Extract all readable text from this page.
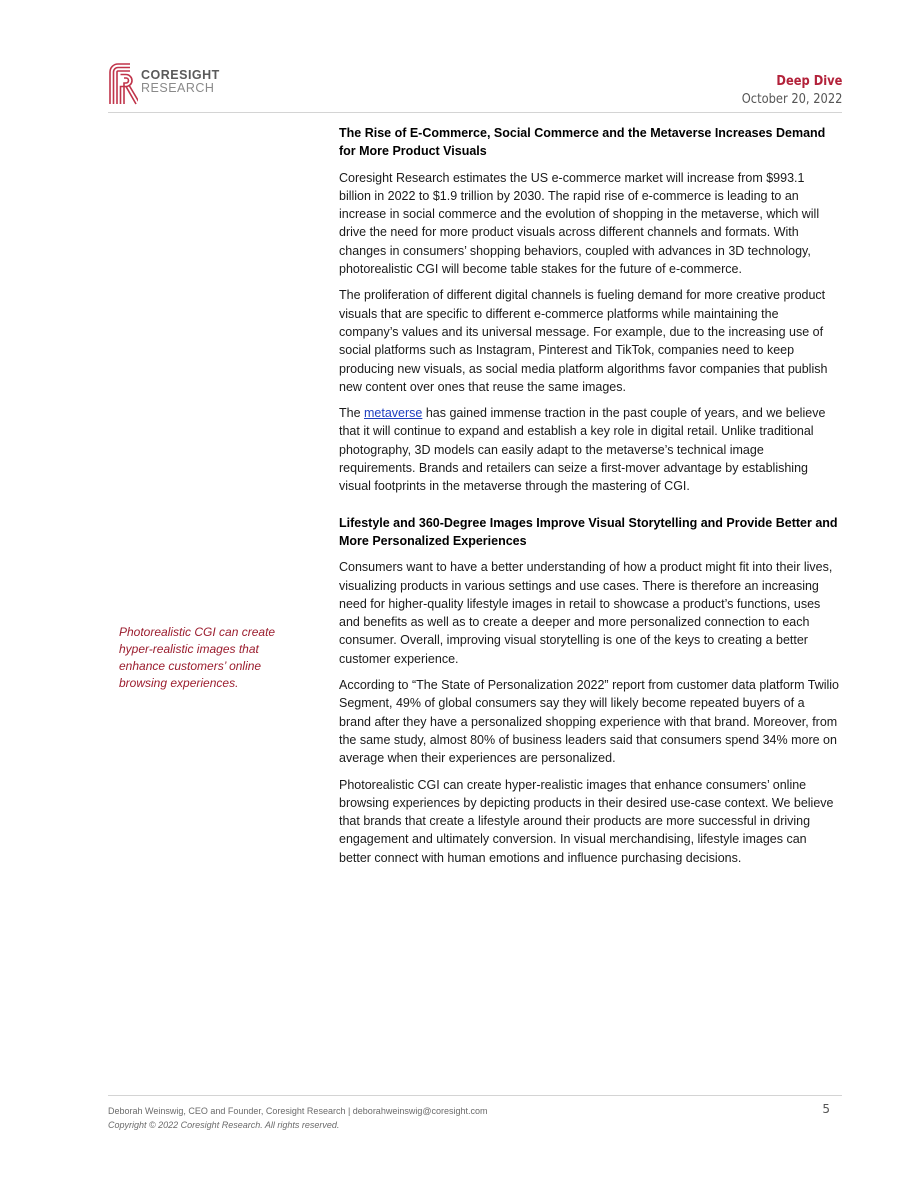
CORESIGHT
RESEARCH	Deep Dive
October 20, 2022

Photorealistic CGI can create hyper-realistic images that enhance customers’ online browsing experiences.

The Rise of E-Commerce, Social Commerce and the Metaverse Increases Demand for More Product Visuals

Coresight Research estimates the US e-commerce market will increase from $993.1 billion in 2022 to $1.9 trillion by 2030. The rapid rise of e-commerce is leading to an increase in social commerce and the evolution of shopping in the metaverse, which will drive the need for more product visuals across different channels and formats. With changes in consumers’ shopping behaviors, coupled with advances in 3D technology, photorealistic CGI will become table stakes for the future of e-commerce.

The proliferation of different digital channels is fueling demand for more creative product visuals that are specific to different e-commerce platforms while maintaining the company’s values and its universal message. For example, due to the increasing use of social platforms such as Instagram, Pinterest and TikTok, companies need to keep producing new visuals, as social media platform algorithms favor companies that publish new content over ones that reuse the same images.

The metaverse has gained immense traction in the past couple of years, and we believe that it will continue to expand and establish a key role in digital retail. Unlike traditional photography, 3D models can easily adapt to the metaverse’s technical image requirements. Brands and retailers can seize a first-mover advantage by establishing visual footprints in the metaverse through the mastering of CGI.

Lifestyle and 360-Degree Images Improve Visual Storytelling and Provide Better and More Personalized Experiences

Consumers want to have a better understanding of how a product might fit into their lives, visualizing products in various settings and use cases. There is therefore an increasing need for higher-quality lifestyle images in retail to showcase a product’s functions, uses and benefits as well as to create a deeper and more personalized connection to each consumer. Overall, improving visual storytelling is one of the keys to creating a better customer experience.

According to “The State of Personalization 2022” report from customer data platform Twilio Segment, 49% of global consumers say they will likely become repeated buyers of a brand after they have a personalized shopping experience with that brand. Moreover, from the same study, almost 80% of business leaders said that consumers spend 34% more on average when their experiences are personalized.

Photorealistic CGI can create hyper-realistic images that enhance consumers’ online browsing experiences by depicting products in their desired use-case context. We believe that brands that create a lifestyle around their products are more successful in driving engagement and ultimately conversion. In visual merchandising, lifestyle images can better connect with human emotions and influence purchasing decisions.

Deborah Weinswig, CEO and Founder, Coresight Research | deborahweinswig@coresight.com
Copyright © 2022 Coresight Research. All rights reserved.
5
